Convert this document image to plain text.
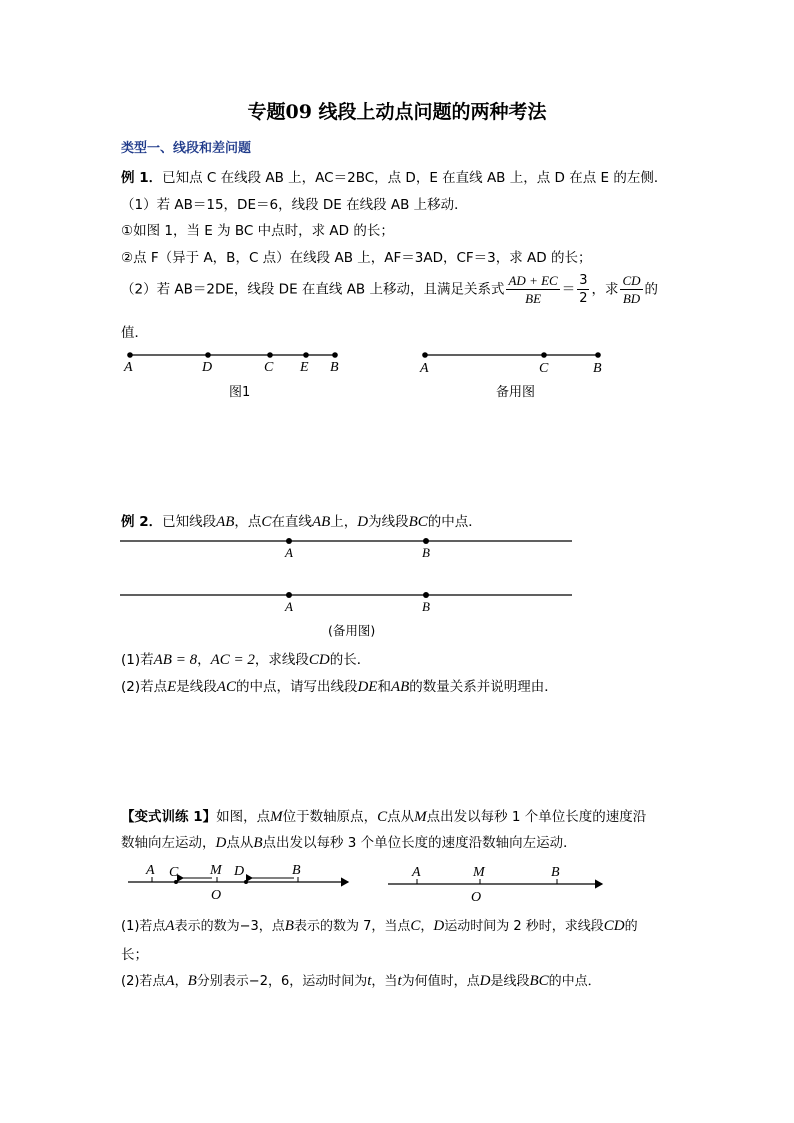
专题09 线段上动点问题的两种考法
类型一、线段和差问题
例 1．已知点 C 在线段 AB 上，AC＝2BC，点 D，E 在直线 AB 上，点 D 在点 E 的左侧．
（1）若 AB＝15，DE＝6，线段 DE 在线段 AB 上移动．
①如图 1，当 E 为 BC 中点时，求 AD 的长；
②点 F（异于 A，B，C 点）在线段 AB 上，AF＝3AD，CF＝3，求 AD 的长；
（2）若 AB＝2DE，线段 DE 在直线 AB 上移动，且满足关系式 $\frac{AD + EC}{BE} = \frac{3}{2}$ ，求 $\frac{CD}{BD}$ 的
值．
A	D	C E B
图1
A	C	B
备用图
例 2．已知线段AB，点C在直线AB上，D为线段BC的中点．
A	B
A	B
(备用图)
(1)若AB = 8，AC = 2，求线段CD的长．
(2)若点E是线段AC的中点，请写出线段DE和AB的数量关系并说明理由．
【变式训练 1】如图，点M位于数轴原点，C点从M点出发以每秒 1 个单位长度的速度沿
数轴向左运动，D点从B点出发以每秒 3 个单位长度的速度沿数轴向左运动．
A C M D	B
O
A	M	B
O
(1)若点A表示的数为−3，点B表示的数为 7，当点C，D运动时间为 2 秒时，求线段CD的
长；
(2)若点A，B分别表示−2，6，运动时间为t，当t为何值时，点D是线段BC的中点．
